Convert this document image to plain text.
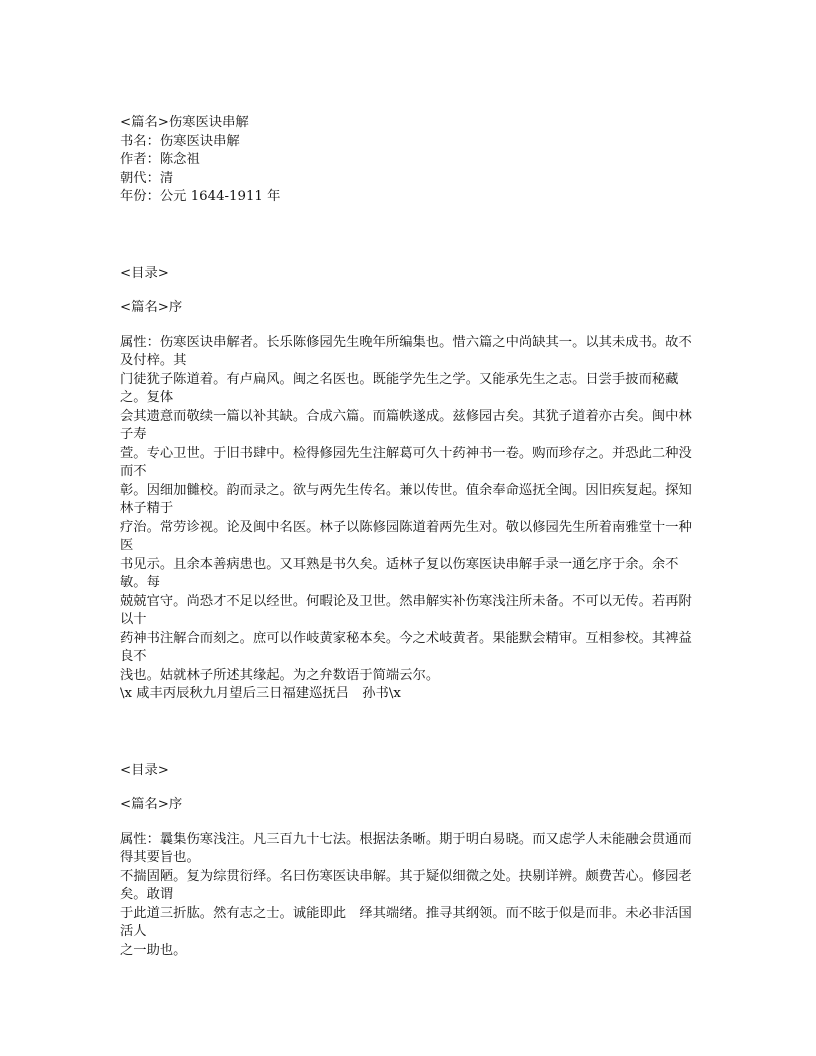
<篇名>伤寒医诀串解

书名：伤寒医诀串解

作者：陈念祖

朝代：清

年份：公元 1644-1911 年

<目录>

<篇名>序

属性：伤寒医诀串解者。长乐陈修园先生晚年所编集也。惜六篇之中尚缺其一。以其未成书。故不及付梓。其

门徒犹子陈道着。有卢扁风。闽之名医也。既能学先生之学。又能承先生之志。日尝手披而秘藏之。复体

会其遗意而敬续一篇以补其缺。合成六篇。而篇帙遂成。兹修园古矣。其犹子道着亦古矣。闽中林子寿

萱。专心卫世。于旧书肆中。检得修园先生注解葛可久十药神书一卷。购而珍存之。并恐此二种没而不

彰。因细加雠校。韵而录之。欲与两先生传名。兼以传世。值余奉命巡抚全闽。因旧疾复起。探知林子精于

疗治。常劳诊视。论及闽中名医。林子以陈修园陈道着两先生对。敬以修园先生所着南雅堂十一种医

书见示。且余本善病患也。又耳熟是书久矣。适林子复以伤寒医诀串解手录一通乞序于余。余不敏。每

兢兢官守。尚恐才不足以经世。何暇论及卫世。然串解实补伤寒浅注所未备。不可以无传。若再附以十

药神书注解合而刻之。庶可以作岐黄家秘本矣。今之术岐黄者。果能默会精审。互相参校。其裨益良不

浅也。姑就林子所述其缘起。为之弁数语于简端云尔。

\x 咸丰丙辰秋九月望后三日福建巡抚吕　孙书\x

<目录>

<篇名>序

属性：曩集伤寒浅注。凡三百九十七法。根据法条晰。期于明白易晓。而又虑学人未能融会贯通而得其要旨也。

不揣固陋。复为综贯衍绎。名曰伤寒医诀串解。其于疑似细微之处。抉剔详辨。颇费苦心。修园老矣。敢谓

于此道三折肱。然有志之士。诚能即此　绎其端绪。推寻其纲领。而不眩于似是而非。未必非活国活人

之一助也。
